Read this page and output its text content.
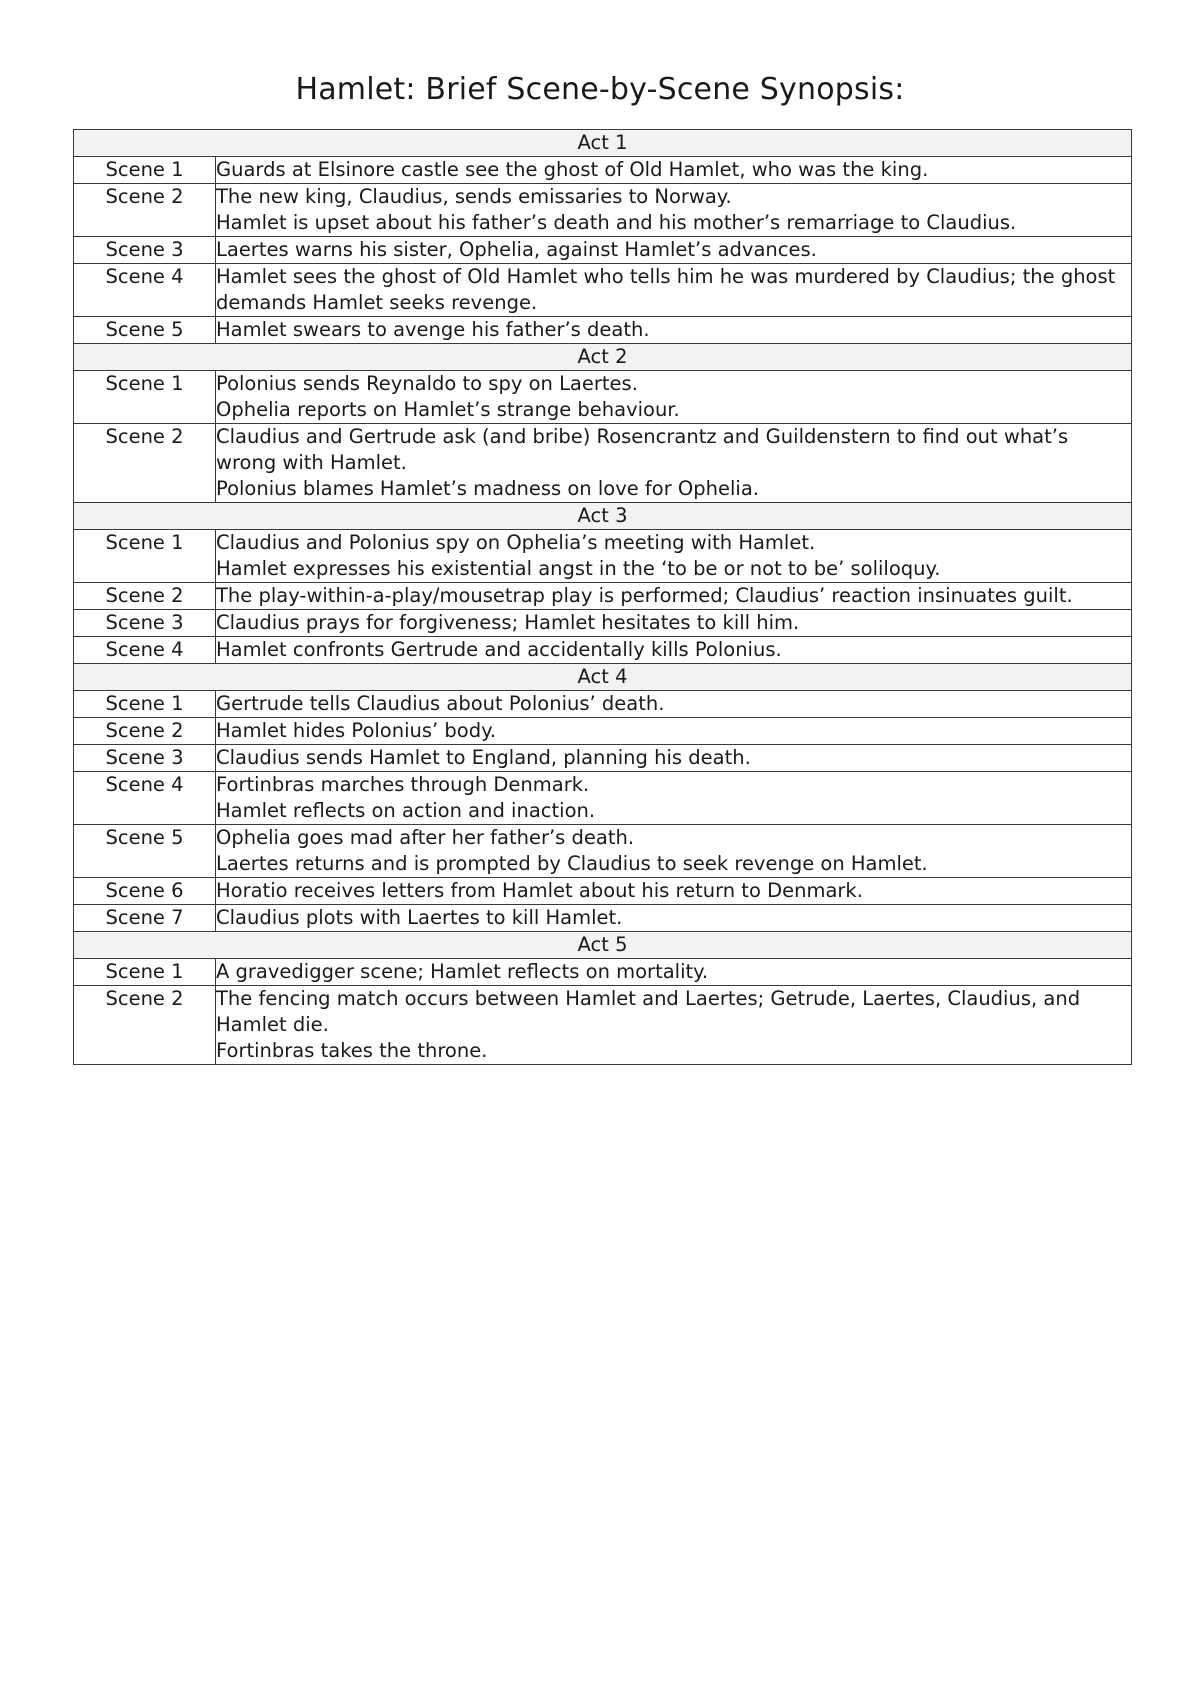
Hamlet: Brief Scene-by-Scene Synopsis:
Act 1	
Scene 1	Guards at Elsinore castle see the ghost of Old Hamlet, who was the king.

Scene 2	The new king, Claudius, sends emissaries to Norway.
Hamlet is upset about his father’s death and his mother’s remarriage to Claudius.

Scene 3	Laertes warns his sister, Ophelia, against Hamlet’s advances.

Scene 4	Hamlet sees the ghost of Old Hamlet who tells him he was murdered by Claudius; the ghost demands Hamlet seeks revenge.

Scene 5	Hamlet swears to avenge his father’s death.

Act 2	
Scene 1	Polonius sends Reynaldo to spy on Laertes.
Ophelia reports on Hamlet’s strange behaviour.

Scene 2	Claudius and Gertrude ask (and bribe) Rosencrantz and Guildenstern to find out what’s wrong with Hamlet.
Polonius blames Hamlet’s madness on love for Ophelia.

Act 3	
Scene 1	Claudius and Polonius spy on Ophelia’s meeting with Hamlet.
Hamlet expresses his existential angst in the ‘to be or not to be’ soliloquy.

Scene 2	The play-within-a-play/mousetrap play is performed; Claudius’ reaction insinuates guilt.

Scene 3	Claudius prays for forgiveness; Hamlet hesitates to kill him.

Scene 4	Hamlet confronts Gertrude and accidentally kills Polonius.

Act 4	
Scene 1	Gertrude tells Claudius about Polonius’ death.

Scene 2	Hamlet hides Polonius’ body.

Scene 3	Claudius sends Hamlet to England, planning his death.

Scene 4	Fortinbras marches through Denmark.
Hamlet reflects on action and inaction.

Scene 5	Ophelia goes mad after her father’s death.
Laertes returns and is prompted by Claudius to seek revenge on Hamlet.

Scene 6	Horatio receives letters from Hamlet about his return to Denmark.

Scene 7	Claudius plots with Laertes to kill Hamlet.

Act 5	
Scene 1	A gravedigger scene; Hamlet reflects on mortality.

Scene 2	The fencing match occurs between Hamlet and Laertes; Getrude, Laertes, Claudius, and Hamlet die.
Fortinbras takes the throne.
